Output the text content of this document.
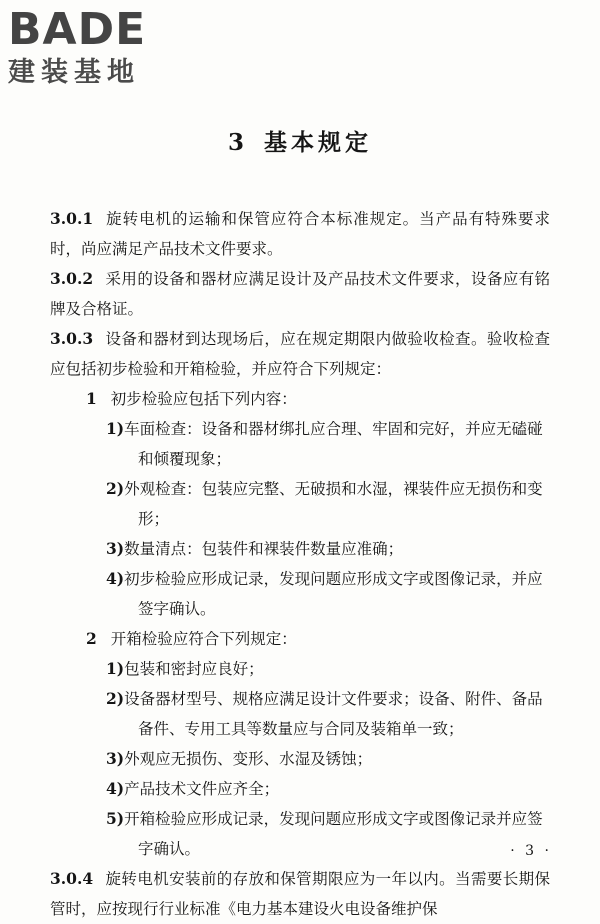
BADE
建装基地
3 基本规定
3.0.1 旋转电机的运输和保管应符合本标准规定。当产品有特殊要求时，尚应满足产品技术文件要求。
3.0.2 采用的设备和器材应满足设计及产品技术文件要求，设备应有铭牌及合格证。
3.0.3 设备和器材到达现场后，应在规定期限内做验收检查。验收检查应包括初步检验和开箱检验，并应符合下列规定：
1 初步检验应包括下列内容：
1)车面检查：设备和器材绑扎应合理、牢固和完好，并应无磕碰和倾覆现象；
2)外观检查：包装应完整、无破损和水湿，裸装件应无损伤和变形；
3)数量清点：包装件和裸装件数量应准确；
4)初步检验应形成记录，发现问题应形成文字或图像记录，并应签字确认。
2 开箱检验应符合下列规定：
1)包装和密封应良好；
2)设备器材型号、规格应满足设计文件要求；设备、附件、备品备件、专用工具等数量应与合同及装箱单一致；
3)外观应无损伤、变形、水湿及锈蚀；
4)产品技术文件应齐全；
5)开箱检验应形成记录，发现问题应形成文字或图像记录并应签字确认。
3.0.4 旋转电机安装前的存放和保管期限应为一年以内。当需要长期保管时，应按现行行业标准《电力基本建设火电设备维护保
· 3 ·
